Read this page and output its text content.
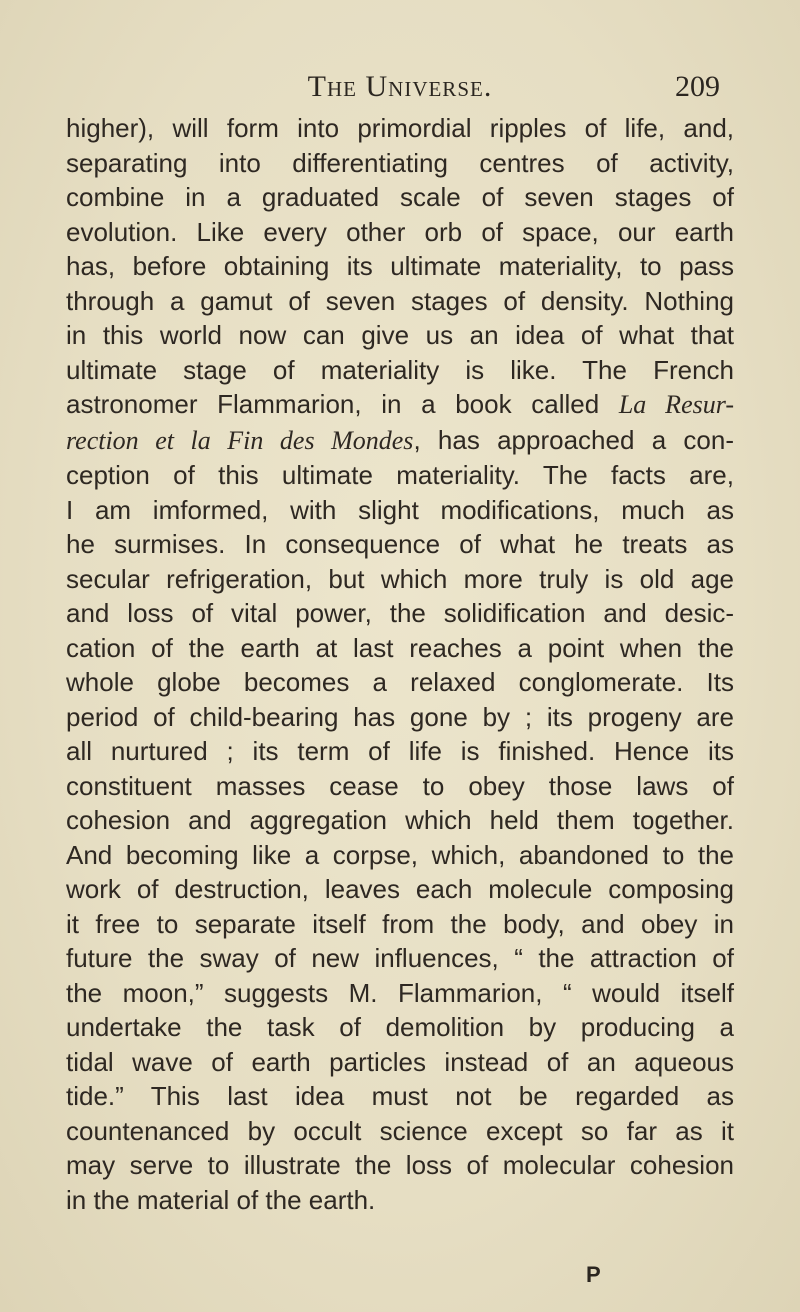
The Universe.	209
higher), will form into primordial ripples of life, and,
separating into differentiating centres of activity,
combine in a graduated scale of seven stages of
evolution. Like every other orb of space, our earth
has, before obtaining its ultimate materiality, to pass
through a gamut of seven stages of density. Nothing
in this world now can give us an idea of what that
ultimate stage of materiality is like. The French
astronomer Flammarion, in a book called La Resur-
rection et la Fin des Mondes, has approached a con-
ception of this ultimate materiality. The facts are,
I am imformed, with slight modifications, much as
he surmises. In consequence of what he treats as
secular refrigeration, but which more truly is old age
and loss of vital power, the solidification and desic-
cation of the earth at last reaches a point when the
whole globe becomes a relaxed conglomerate. Its
period of child-bearing has gone by ; its progeny are
all nurtured ; its term of life is finished. Hence its
constituent masses cease to obey those laws of
cohesion and aggregation which held them together.
And becoming like a corpse, which, abandoned to the
work of destruction, leaves each molecule composing
it free to separate itself from the body, and obey in
future the sway of new influences, “ the attraction of
the moon,” suggests M. Flammarion, “ would itself
undertake the task of demolition by producing a
tidal wave of earth particles instead of an aqueous
tide.” This last idea must not be regarded as
countenanced by occult science except so far as it
may serve to illustrate the loss of molecular cohesion
in the material of the earth.
P
